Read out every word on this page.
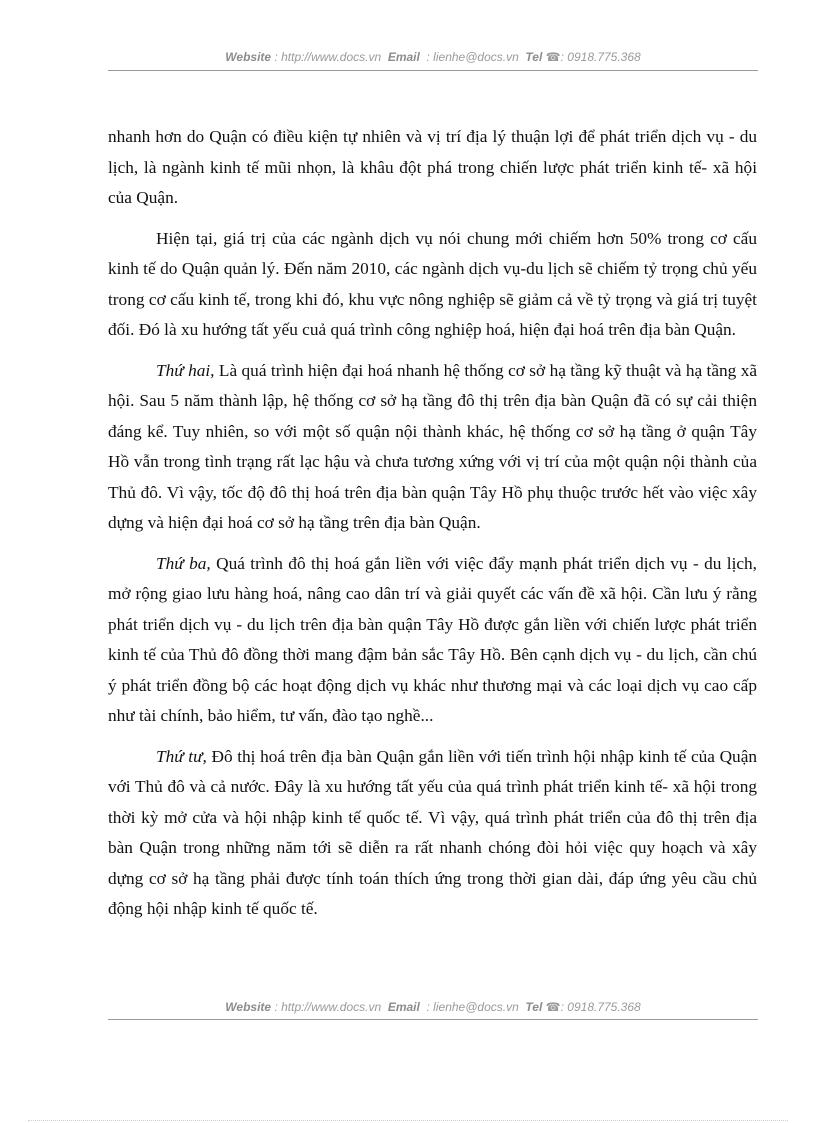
Website : http://www.docs.vn Email : lienhe@docs.vn Tel ☎: 0918.775.368

nhanh hơn do Quận có điều kiện tự nhiên và vị trí địa lý thuận lợi để phát triển dịch vụ - du lịch, là ngành kinh tế mũi nhọn, là khâu đột phá trong chiến lược phát triển kinh tế- xã hội của Quận.

Hiện tại, giá trị của các ngành dịch vụ nói chung mới chiếm hơn 50% trong cơ cấu kinh tế do Quận quản lý. Đến năm 2010, các ngành dịch vụ-du lịch sẽ chiếm tỷ trọng chủ yếu trong cơ cấu kinh tế, trong khi đó, khu vực nông nghiệp sẽ giảm cả về tỷ trọng và giá trị tuyệt đối. Đó là xu hướng tất yếu cuả quá trình công nghiệp hoá, hiện đại hoá trên địa bàn Quận.

Thứ hai, Là quá trình hiện đại hoá nhanh hệ thống cơ sở hạ tầng kỹ thuật và hạ tầng xã hội. Sau 5 năm thành lập, hệ thống cơ sở hạ tầng đô thị trên địa bàn Quận đã có sự cải thiện đáng kể. Tuy nhiên, so với một số quận nội thành khác, hệ thống cơ sở hạ tầng ở quận Tây Hồ vẫn trong tình trạng rất lạc hậu và chưa tương xứng với vị trí của một quận nội thành của Thủ đô. Vì vậy, tốc độ đô thị hoá trên địa bàn quận Tây Hồ phụ thuộc trước hết vào việc xây dựng và hiện đại hoá cơ sở hạ tầng trên địa bàn Quận.

Thứ ba, Quá trình đô thị hoá gắn liền với việc đẩy mạnh phát triển dịch vụ - du lịch, mở rộng giao lưu hàng hoá, nâng cao dân trí và giải quyết các vấn đề xã hội. Cần lưu ý rằng phát triển dịch vụ - du lịch trên địa bàn quận Tây Hồ được gắn liền với chiến lược phát triển kinh tế của Thủ đô đồng thời mang đậm bản sắc Tây Hồ. Bên cạnh dịch vụ - du lịch, cần chú ý phát triển đồng bộ các hoạt động dịch vụ khác như thương mại và các loại dịch vụ cao cấp như tài chính, bảo hiểm, tư vấn, đào tạo nghề...

Thứ tư, Đô thị hoá trên địa bàn Quận gắn liền với tiến trình hội nhập kinh tế của Quận với Thủ đô và cả nước. Đây là xu hướng tất yếu của quá trình phát triển kinh tế- xã hội trong thời kỳ mở cửa và hội nhập kinh tế quốc tế. Vì vậy, quá trình phát triển của đô thị trên địa bàn Quận trong những năm tới sẽ diễn ra rất nhanh chóng đòi hỏi việc quy hoạch và xây dựng cơ sở hạ tầng phải được tính toán thích ứng trong thời gian dài, đáp ứng yêu cầu chủ động hội nhập kinh tế quốc tế.

Website : http://www.docs.vn Email : lienhe@docs.vn Tel ☎: 0918.775.368
